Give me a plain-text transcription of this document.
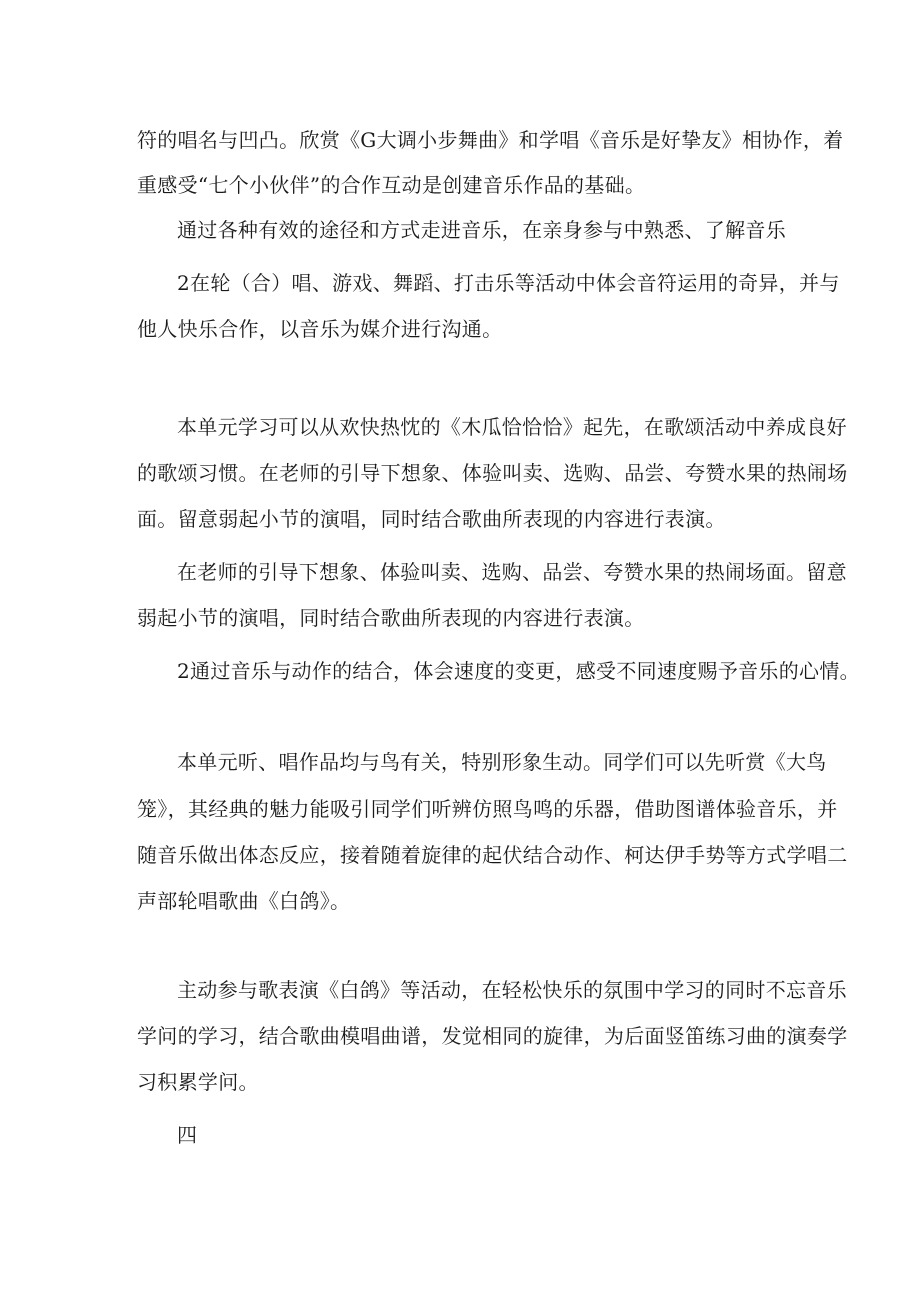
符的唱名与凹凸。欣赏《G大调小步舞曲》和学唱《音乐是好挚友》相协作，着

重感受“七个小伙伴”的合作互动是创建音乐作品的基础。

通过各种有效的途径和方式走进音乐，在亲身参与中熟悉、了解音乐

2在轮（合）唱、游戏、舞蹈、打击乐等活动中体会音符运用的奇异，并与

他人快乐合作，以音乐为媒介进行沟通。

本单元学习可以从欢快热忱的《木瓜恰恰恰》起先，在歌颂活动中养成良好

的歌颂习惯。在老师的引导下想象、体验叫卖、选购、品尝、夸赞水果的热闹场

面。留意弱起小节的演唱，同时结合歌曲所表现的内容进行表演。

在老师的引导下想象、体验叫卖、选购、品尝、夸赞水果的热闹场面。留意

弱起小节的演唱，同时结合歌曲所表现的内容进行表演。

2通过音乐与动作的结合，体会速度的变更，感受不同速度赐予音乐的心情。

本单元听、唱作品均与鸟有关，特别形象生动。同学们可以先听赏《大鸟

笼》，其经典的魅力能吸引同学们听辨仿照鸟鸣的乐器，借助图谱体验音乐，并

随音乐做出体态反应，接着随着旋律的起伏结合动作、柯达伊手势等方式学唱二

声部轮唱歌曲《白鸽》。

主动参与歌表演《白鸽》等活动，在轻松快乐的氛围中学习的同时不忘音乐

学问的学习，结合歌曲模唱曲谱，发觉相同的旋律，为后面竖笛练习曲的演奏学

习积累学问。

四
